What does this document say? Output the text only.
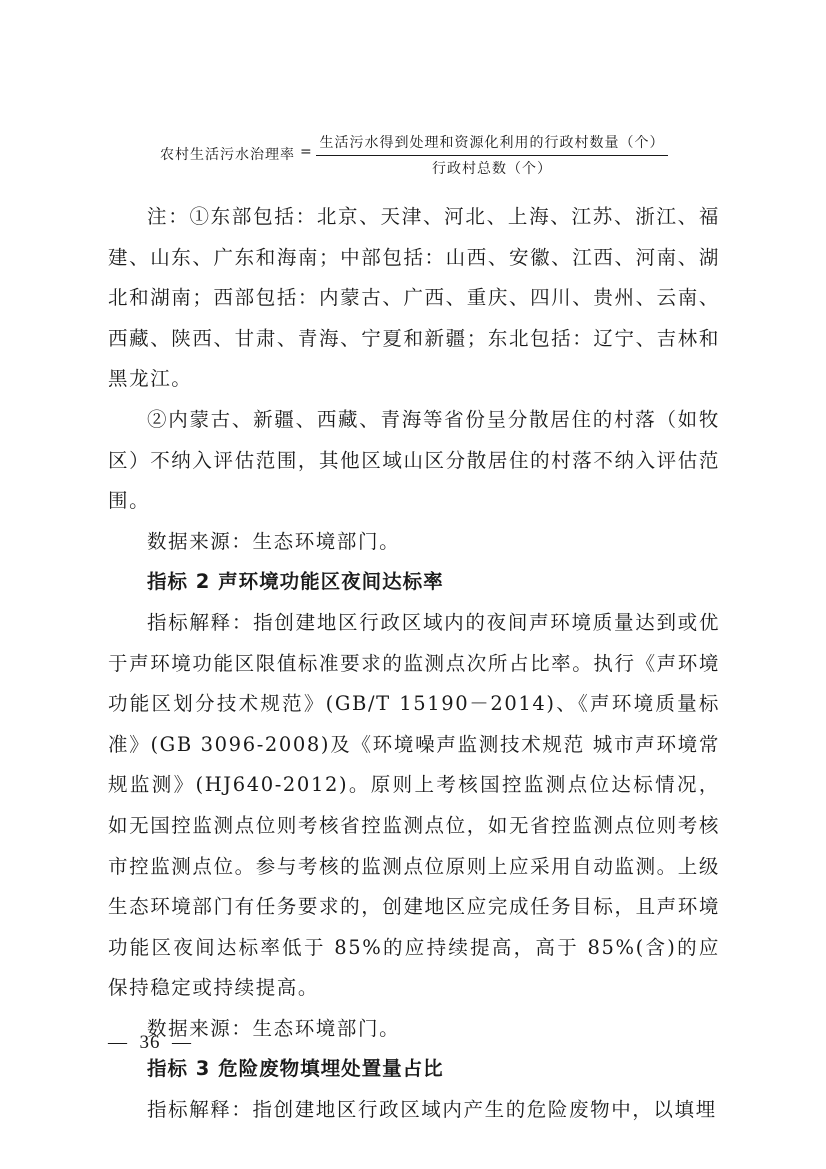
农村生活污水治理率 =
生活污水得到处理和资源化利用的行政村数量（个）
行政村总数（个）

注：①东部包括：北京、天津、河北、上海、江苏、浙江、福建、山东、广东和海南；中部包括：山西、安徽、江西、河南、湖北和湖南；西部包括：内蒙古、广西、重庆、四川、贵州、云南、西藏、陕西、甘肃、青海、宁夏和新疆；东北包括：辽宁、吉林和黑龙江。

②内蒙古、新疆、西藏、青海等省份呈分散居住的村落（如牧区）不纳入评估范围，其他区域山区分散居住的村落不纳入评估范围。

数据来源：生态环境部门。

指标 2 声环境功能区夜间达标率

指标解释：指创建地区行政区域内的夜间声环境质量达到或优于声环境功能区限值标准要求的监测点次所占比率。执行《声环境功能区划分技术规范》(GB/T 15190－2014)、《声环境质量标准》(GB 3096-2008)及《环境噪声监测技术规范 城市声环境常规监测》(HJ640-2012)。原则上考核国控监测点位达标情况，如无国控监测点位则考核省控监测点位，如无省控监测点位则考核市控监测点位。参与考核的监测点位原则上应采用自动监测。上级生态环境部门有任务要求的，创建地区应完成任务目标，且声环境功能区夜间达标率低于 85%的应持续提高，高于 85%(含)的应保持稳定或持续提高。

数据来源：生态环境部门。

指标 3 危险废物填埋处置量占比

指标解释：指创建地区行政区域内产生的危险废物中，以填埋

—  36  —
